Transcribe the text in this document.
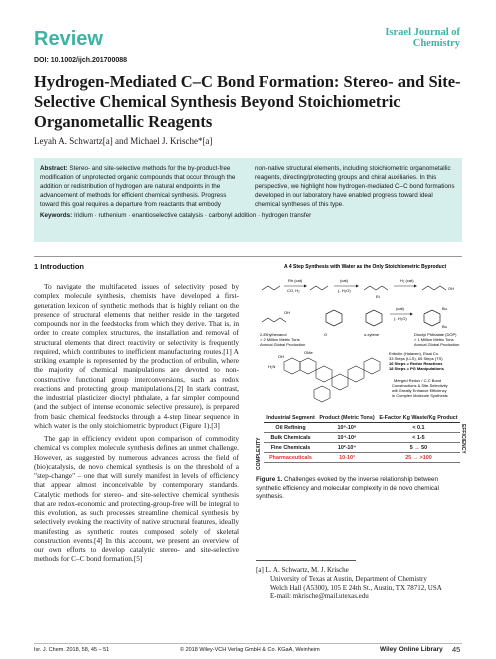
Review	Israel Journal of Chemistry
DOI: 10.1002/ijch.201700088
Hydrogen-Mediated C–C Bond Formation: Stereo- and Site-Selective Chemical Synthesis Beyond Stoichiometric Organometallic Reagents
Leyah A. Schwartz[a] and Michael J. Krische*[a]
Abstract: Stereo- and site-selective methods for the by-product-free modification of unprotected organic compounds that occur through the addition or redistribution of hydrogen are natural endpoints in the advancement of methods for efficient chemical synthesis. Progress toward this goal requires a departure from reactants that embody
non-native structural elements, including stoichiometric organometallic reagents, directing/protecting groups and chiral auxiliaries. In this perspective, we highlight how hydrogen-mediated C–C bond formations developed in our laboratory have enabled progress toward ideal chemical syntheses of this type.
Keywords: Iridium · ruthenium · enantioselective catalysis · carbonyl addition · hydrogen transfer
1 Introduction

To navigate the multifaceted issues of selectivity posed by complex molecule synthesis, chemists have developed a first-generation lexicon of synthetic methods that is highly reliant on the presence of structural elements that neither reside in the targeted compounds nor in the feedstocks from which they derive. That is, in order to create complex structures, the installation and removal of structural elements that direct reactivity or selectivity is frequently required, which contributes to inefficient manufacturing routes.[1] A striking example is represented by the production of eribulin, where the majority of chemical manipulations are devoted to non-constructive functional group interconversions, such as redox reactions and protecting group manipulations.[2] In stark contrast, the industrial plasticizer dioctyl phthalate, a far simpler compound (and the subject of intense economic selective pressure), is prepared from basic chemical feedstocks through a 4-step linear sequence in which water is the only stoichiometric byproduct (Figure 1).[3]

The gap in efficiency evident upon comparison of commodity chemical vs complex molecule synthesis defines an unmet challenge. However, as suggested by numerous advances across the field of (bio)catalysis, de novo chemical synthesis is on the threshold of a "step-change" – one that will surely manifest in levels of efficiency that appear almost inconceivable by contemporary standards. Catalytic methods for stereo- and site-selective chemical synthesis that are redox-economic and protecting-group-free will be integral to this evolution, as such processes streamline chemical synthesis by selectively evoking the reactivity of native structural features, ideally manifesting as synthetic routes composed solely of skeletal construction events.[4] In this account, we present an overview of our own efforts to develop catalytic stereo- and site-selective methods for C–C bond formation.[5]

A 4 Step Synthesis with Water as the Only Stoichiometric Byproduct
Rh (cat)
CO, H₂
(cat)
(- H₂O)
Et
H₂ (cat)
OH
OH
2-Ethylhexanol
> 2 Million Metric Tons
Annual Global Production
O	o-xylene
(cat)
(- H₂O)
Bu
Bu
Dioctyl Phthalate (DOP)
> 1 Million Metric Tons
Annual Global Production
H₂N
OH
OMe	Eribulin (Halaven), Eisai Co.
33 Steps (LLS), 65 Steps (TS)
16 Steps = Redox Reactions
18 Steps = PG Manipulations
Merged Redox / C-C Bond
Constructions & Site-Selectivity
will Greatly Enhance Efficiency
in Complex Molecule Synthesis
Industrial Segment	Product (Metric Tons)	E-Factor Kg Waste/Kg Product
Oil Refining	10⁶-10⁸	< 0.1
Bulk Chemicals	10⁴-10⁶	< 1-5
Fine Chemicals	10²-10⁴	5 → 50
Pharmaceuticals	10-10³	25 → >100
COMPLEXITY	EFFICIENCY
Figure 1. Challenges evoked by the inverse relationship between synthetic efficiency and molecular complexity in de novo chemical synthesis.
[a] L. A. Schwartz, M. J. Krische
University of Texas at Austin, Department of Chemistry
Welch Hall (A5300), 105 E 24th St., Austin, TX 78712, USA
E-mail: mkrische@mail.utexas.edu
Isr. J. Chem. 2018, 58, 45 – 51	© 2018 Wiley-VCH Verlag GmbH & Co. KGaA, Weinheim	Wiley Online Library 45
